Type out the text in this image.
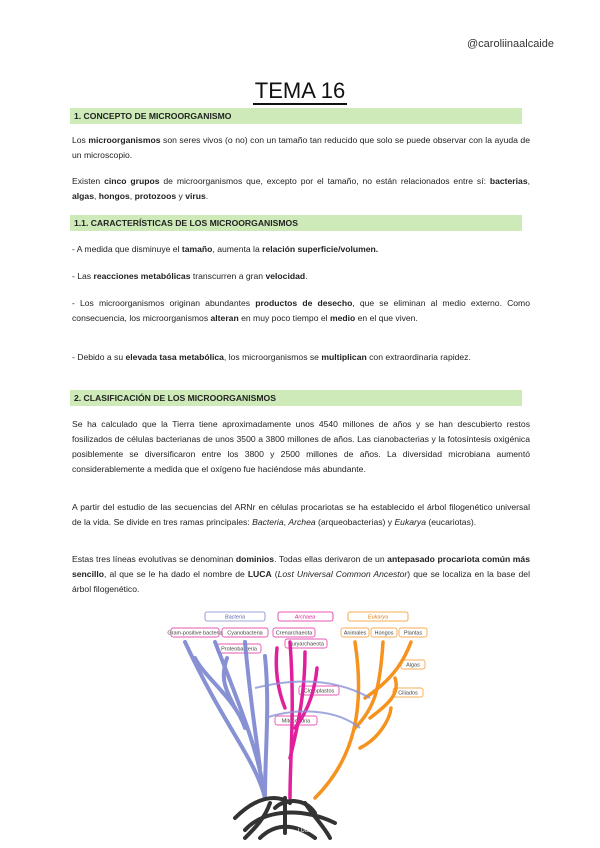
@caroliinaalcaide
TEMA 16
1. CONCEPTO DE MICROORGANISMO
Los microorganismos son seres vivos (o no) con un tamaño tan reducido que solo se puede observar con la ayuda de un microscopio.
Existen cinco grupos de microorganismos que, excepto por el tamaño, no están relacionados entre sí: bacterias, algas, hongos, protozoos y virus.
1.1. CARACTERÍSTICAS DE LOS MICROORGANISMOS
- A medida que disminuye el tamaño, aumenta la relación superficie/volumen.
- Las reacciones metabólicas transcurren a gran velocidad.
- Los microorganismos originan abundantes productos de desecho, que se eliminan al medio externo. Como consecuencia, los microorganismos alteran en muy poco tiempo el medio en el que viven.
- Debido a su elevada tasa metabólica, los microorganismos se multiplican con extraordinaria rapidez.
2. CLASIFICACIÓN DE LOS MICROORGANISMOS
Se ha calculado que la Tierra tiene aproximadamente unos 4540 millones de años y se han descubierto restos fosilizados de células bacterianas de unos 3500 a 3800 millones de años. Las cianobacterias y la fotosíntesis oxigénica posiblemente se diversificaron entre los 3800 y 2500 millones de años. La diversidad microbiana aumentó considerablemente a medida que el oxígeno fue haciéndose más abundante.
A partir del estudio de las secuencias del ARNr en células procariotas se ha establecido el árbol filogenético universal de la vida. Se divide en tres ramas principales: Bacteria, Archea (arqueobacterias) y Eukarya (eucariotas).
Estas tres líneas evolutivas se denominan dominios. Todas ellas derivaron de un antepasado procariota común más sencillo, al que se le ha dado el nombre de LUCA (Lost Universal Common Ancestor) que se localiza en la base del árbol filogenético.
Bacteria	Archaea	Eukarya
Gram-positive bacteria Cyanobacteria
Proteobacteria
Crenarchaeota
Euryarchaeota
Animales Hongos Plantas
Algas
Ciliados
Cloroplastos
Mitocondria
LUCA
